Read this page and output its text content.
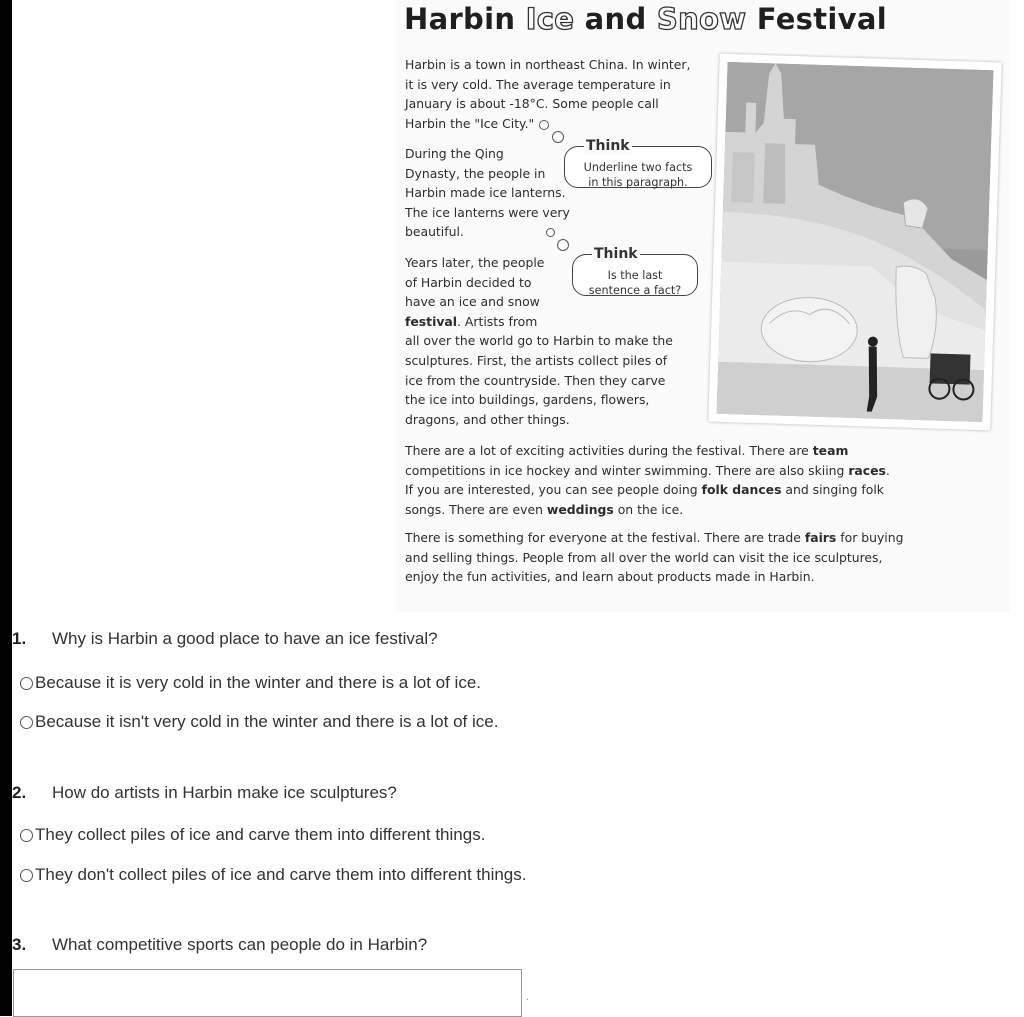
Harbin Ice and Snow Festival

Harbin is a town in northeast China. In winter,
it is very cold. The average temperature in
January is about -18°C. Some people call
Harbin the "Ice City."

During the Qing
Dynasty, the people in
Harbin made ice lanterns.
The ice lanterns were very
beautiful.

Years later, the people
of Harbin decided to
have an ice and snow
festival. Artists from
all over the world go to Harbin to make the
sculptures. First, the artists collect piles of
ice from the countryside. Then they carve
the ice into buildings, gardens, flowers,
dragons, and other things.

There are a lot of exciting activities during the festival. There are team
competitions in ice hockey and winter swimming. There are also skiing races.
If you are interested, you can see people doing folk dances and singing folk
songs. There are even weddings on the ice.

There is something for everyone at the festival. There are trade fairs for buying
and selling things. People from all over the world can visit the ice sculptures,
enjoy the fun activities, and learn about products made in Harbin.

Think
Underline two facts
in this paragraph.
Think
Is the last
sentence a fact?

1. Why is Harbin a good place to have an ice festival?

Because it is very cold in the winter and there is a lot of ice.
Because it isn't very cold in the winter and there is a lot of ice.

2. How do artists in Harbin make ice sculptures?

They collect piles of ice and carve them into different things.
They don't collect piles of ice and carve them into different things.

3. What competitive sports can people do in Harbin?

.
